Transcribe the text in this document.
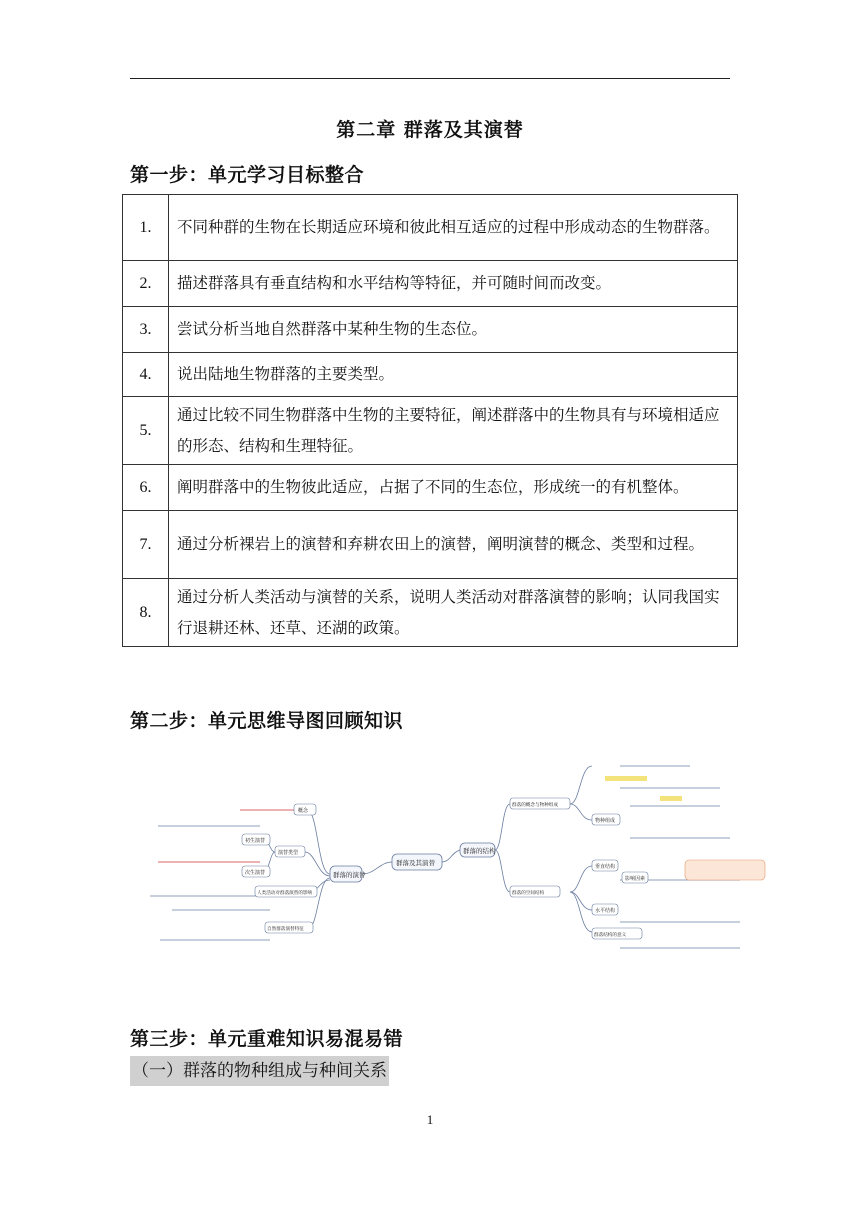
第二章 群落及其演替
第一步：单元学习目标整合
1.	不同种群的生物在长期适应环境和彼此相互适应的过程中形成动态的生物群落。
2.	描述群落具有垂直结构和水平结构等特征，并可随时间而改变。
3.	尝试分析当地自然群落中某种生物的生态位。
4.	说出陆地生物群落的主要类型。
5.	通过比较不同生物群落中生物的主要特征，阐述群落中的生物具有与环境相适应的形态、结构和生理特征。
6.	阐明群落中的生物彼此适应，占据了不同的生态位，形成统一的有机整体。
7.	通过分析裸岩上的演替和弃耕农田上的演替，阐明演替的概念、类型和过程。
8.	通过分析人类活动与演替的关系，说明人类活动对群落演替的影响；认同我国实行退耕还林、还草、还湖的政策。
第二步：单元思维导图回顾知识
群落及其演替
群落的演替
群落的结构
概念
演替类型
初生演替
次生演替
人类活动对群落演替的影响
自然群落演替特征
群落的概念与物种组成
物种组成
群落的空间结构
垂直结构
影响因素
水平结构
群落结构的意义
第三步：单元重难知识易混易错
（一）群落的物种组成与种间关系
1
